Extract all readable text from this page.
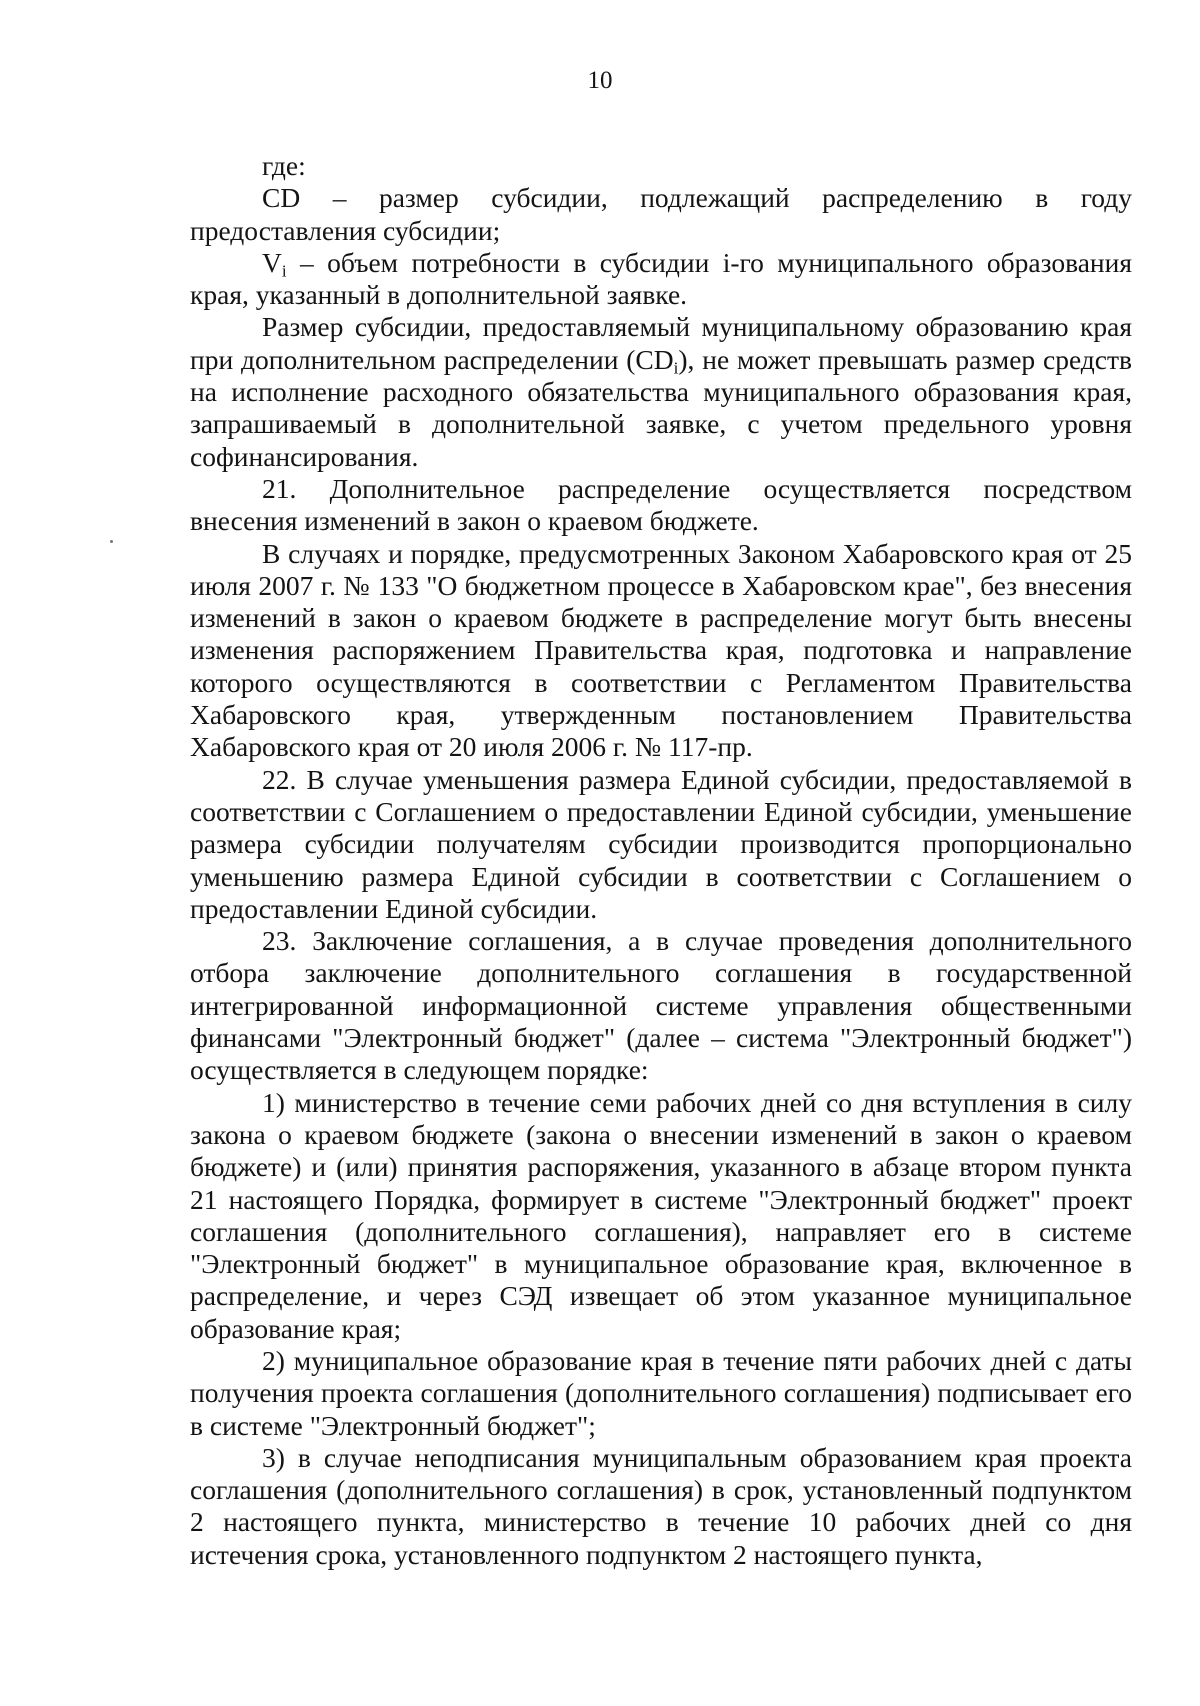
10

где:

CD – размер субсидии, подлежащий распределению в году предоставления субсидии;

$V_i$ – объем потребности в субсидии i-го муниципального образования края, указанный в дополнительной заявке.

Размер субсидии, предоставляемый муниципальному образованию края при дополнительном распределении $(CD_i)$, не может превышать размер средств на исполнение расходного обязательства муниципального образования края, запрашиваемый в дополнительной заявке, с учетом предельного уровня софинансирования.

21. Дополнительное распределение осуществляется посредством внесения изменений в закон о краевом бюджете.

В случаях и порядке, предусмотренных Законом Хабаровского края от 25 июля 2007 г. № 133 "О бюджетном процессе в Хабаровском крае", без внесения изменений в закон о краевом бюджете в распределение могут быть внесены изменения распоряжением Правительства края, подготовка и направление которого осуществляются в соответствии с Регламентом Правительства Хабаровского края, утвержденным постановлением Правительства Хабаровского края от 20 июля 2006 г. № 117-пр.

22. В случае уменьшения размера Единой субсидии, предоставляемой в соответствии с Соглашением о предоставлении Единой субсидии, уменьшение размера субсидии получателям субсидии производится пропорционально уменьшению размера Единой субсидии в соответствии с Соглашением о предоставлении Единой субсидии.

23. Заключение соглашения, а в случае проведения дополнительного отбора заключение дополнительного соглашения в государственной интегрированной информационной системе управления общественными финансами "Электронный бюджет" (далее – система "Электронный бюджет") осуществляется в следующем порядке:

1) министерство в течение семи рабочих дней со дня вступления в силу закона о краевом бюджете (закона о внесении изменений в закон о краевом бюджете) и (или) принятия распоряжения, указанного в абзаце втором пункта 21 настоящего Порядка, формирует в системе "Электронный бюджет" проект соглашения (дополнительного соглашения), направляет его в системе "Электронный бюджет" в муниципальное образование края, включенное в распределение, и через СЭД извещает об этом указанное муниципальное образование края;

2) муниципальное образование края в течение пяти рабочих дней с даты получения проекта соглашения (дополнительного соглашения) подписывает его в системе "Электронный бюджет";

3) в случае неподписания муниципальным образованием края проекта соглашения (дополнительного соглашения) в срок, установленный подпунктом 2 настоящего пункта, министерство в течение 10 рабочих дней со дня истечения срока, установленного подпунктом 2 настоящего пункта,
